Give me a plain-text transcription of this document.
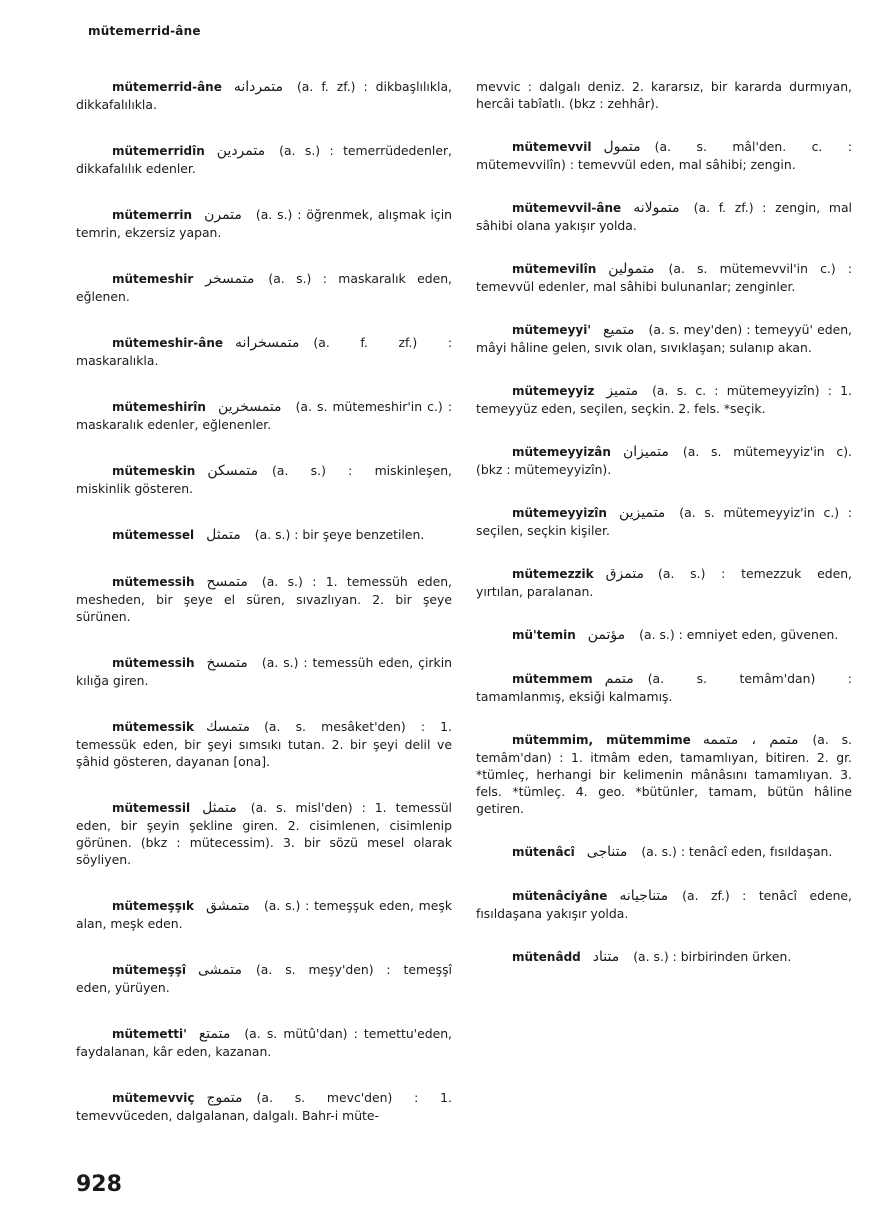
mütemerrid-âne

mütemerrid-âne متمردانه (a. f. zf.) : dikbaşlılıkla, dikkafalılıkla.

mütemerridîn متمردين (a. s.) : temerrüdedenler, dikkafalılık edenler.

mütemerrin متمرن (a. s.) : öğrenmek, alışmak için temrin, ekzersiz yapan.

mütemeshir متمسخر (a. s.) : maskaralık eden, eğlenen.

mütemeshir-âne متمسخرانه (a. f. zf.) : maskaralıkla.

mütemeshirîn متمسخرين (a. s. mütemeshir'in c.) : maskaralık edenler, eğlenenler.

mütemeskin متمسكن (a. s.) : miskinleşen, miskinlik gösteren.

mütemessel متمثل (a. s.) : bir şeye benzetilen.

mütemessih متمسح (a. s.) : 1. temessüh eden, mesheden, bir şeye el süren, sıvazlıyan. 2. bir şeye sürünen.

mütemessih متمسخ (a. s.) : temessüh eden, çirkin kılığa giren.

mütemessik متمسك (a. s. mesâket'den) : 1. temessük eden, bir şeyi sımsıkı tutan. 2. bir şeyi delil ve şâhid gösteren, dayanan [ona].

mütemessil متمثل (a. s. misl'den) : 1. temessül eden, bir şeyin şekline giren. 2. cisimlenen, cisimlenip görünen. (bkz : mütecessim). 3. bir sözü mesel olarak söyliyen.

mütemeşşık متمشق (a. s.) : temeşşuk eden, meşk alan, meşk eden.

mütemeşşî متمشى (a. s. meşy'den) : temeşşî eden, yürüyen.

mütemetti' متمتع (a. s. mütû'dan) : temettu'eden, faydalanan, kâr eden, kazanan.

mütemevviç متموج (a. s. mevc'den) : 1. temevvüceden, dalgalanan, dalgalı. Bahr-i müte-

mevvic : dalgalı deniz. 2. kararsız, bir kararda durmıyan, hercâi tabîatlı. (bkz : zehhâr).

mütemevvil متمول (a. s. mâl'den. c. : mütemevvilîn) : temevvül eden, mal sâhibi; zengin.

mütemevvil-âne متمولانه (a. f. zf.) : zengin, mal sâhibi olana yakışır yolda.

mütemevilîn متمولين (a. s. mütemevvil'in c.) : temevvül edenler, mal sâhibi bulunanlar; zenginler.

mütemeyyi' متميع (a. s. mey'den) : temeyyü' eden, mâyi hâline gelen, sıvık olan, sıvıklaşan; sulanıp akan.

mütemeyyiz متميز (a. s. c. : mütemeyyizîn) : 1. temeyyüz eden, seçilen, seçkin. 2. fels. *seçik.

mütemeyyizân متميزان (a. s. mütemeyyiz'in c). (bkz : mütemeyyizîn).

mütemeyyizîn متميزين (a. s. mütemeyyiz'in c.) : seçilen, seçkin kişiler.

mütemezzik متمزق (a. s.) : temezzuk eden, yırtılan, paralanan.

mü'temin مؤتمن (a. s.) : emniyet eden, güvenen.

mütemmem متمم (a. s. temâm'dan) : tamamlanmış, eksiği kalmamış.

mütemmim, mütemmime متمم ، متممه (a. s. temâm'dan) : 1. itmâm eden, tamamlıyan, bitiren. 2. gr. *tümleç, herhangi bir kelimenin mânâsını tamamlıyan. 3. fels. *tümleç. 4. geo. *bütünler, tamam, bütün hâline getiren.

mütenâcî متناجى (a. s.) : tenâcî eden, fısıldaşan.

mütenâciyâne متناجيانه (a. zf.) : tenâcî edene, fısıldaşana yakışır yolda.

mütenâdd متناد (a. s.) : birbirinden ürken.

928
